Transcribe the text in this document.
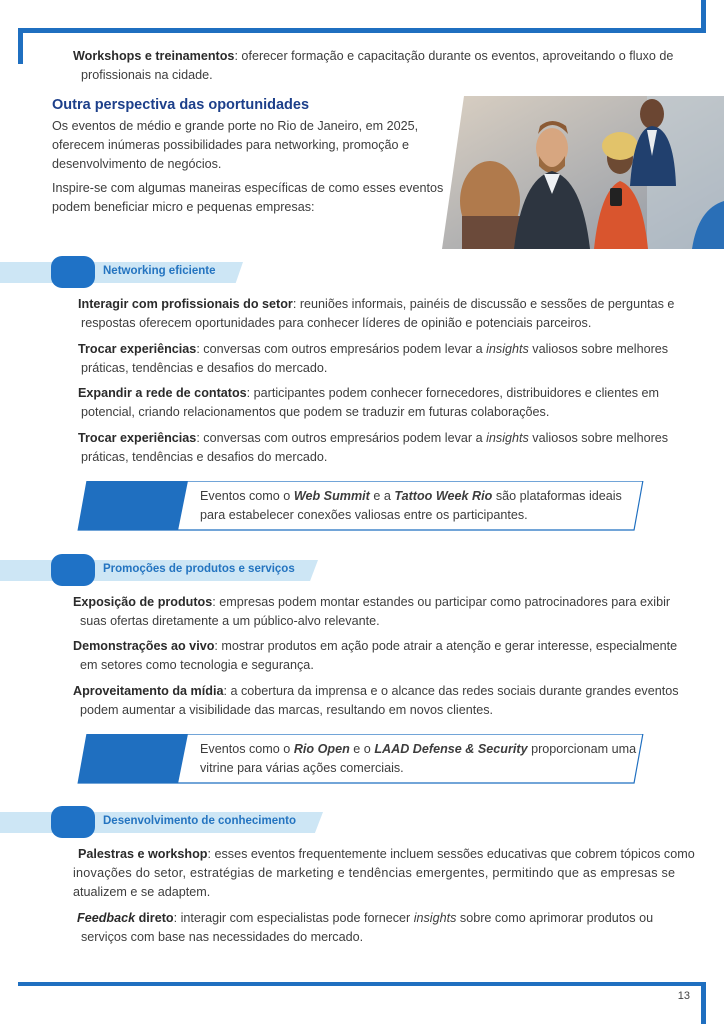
13
Workshops e treinamentos: oferecer formação e capacitação durante os eventos, aproveitando o fluxo de
profissionais na cidade.
Outra perspectiva das oportunidades
Os eventos de médio e grande porte no Rio de Janeiro, em 2025,
oferecem inúmeras possibilidades para networking, promoção e
desenvolvimento de negócios.
Inspire-se com algumas maneiras específicas de como esses eventos
podem beneficiar micro e pequenas empresas:
Networking eficiente
Interagir com profissionais do setor: reuniões informais, painéis de discussão e sessões de perguntas e
respostas oferecem oportunidades para conhecer líderes de opinião e potenciais parceiros.
Trocar experiências: conversas com outros empresários podem levar a insights valiosos sobre melhores
práticas, tendências e desafios do mercado.
Expandir a rede de contatos: participantes podem conhecer fornecedores, distribuidores e clientes em
potencial, criando relacionamentos que podem se traduzir em futuras colaborações.
Trocar experiências: conversas com outros empresários podem levar a insights valiosos sobre melhores
práticas, tendências e desafios do mercado.
Eventos como o Web Summit e a Tattoo Week Rio são plataformas ideais para estabelecer conexões valiosas entre os participantes.
Promoções de produtos e serviços
Exposição de produtos: empresas podem montar estandes ou participar como patrocinadores para exibir
suas ofertas diretamente a um público-alvo relevante.
Demonstrações ao vivo: mostrar produtos em ação pode atrair a atenção e gerar interesse, especialmente
em setores como tecnologia e segurança.
Aproveitamento da mídia: a cobertura da imprensa e o alcance das redes sociais durante grandes eventos
podem aumentar a visibilidade das marcas, resultando em novos clientes.
Eventos como o Rio Open e o LAAD Defense & Security proporcionam uma vitrine para várias ações comerciais.
Desenvolvimento de conhecimento
Palestras e workshop: esses eventos frequentemente incluem sessões educativas que cobrem tópicos como
inovações do setor, estratégias de marketing e tendências emergentes, permitindo que as empresas se
atualizem e se adaptem.
Feedback direto: interagir com especialistas pode fornecer insights sobre como aprimorar produtos ou
serviços com base nas necessidades do mercado.
